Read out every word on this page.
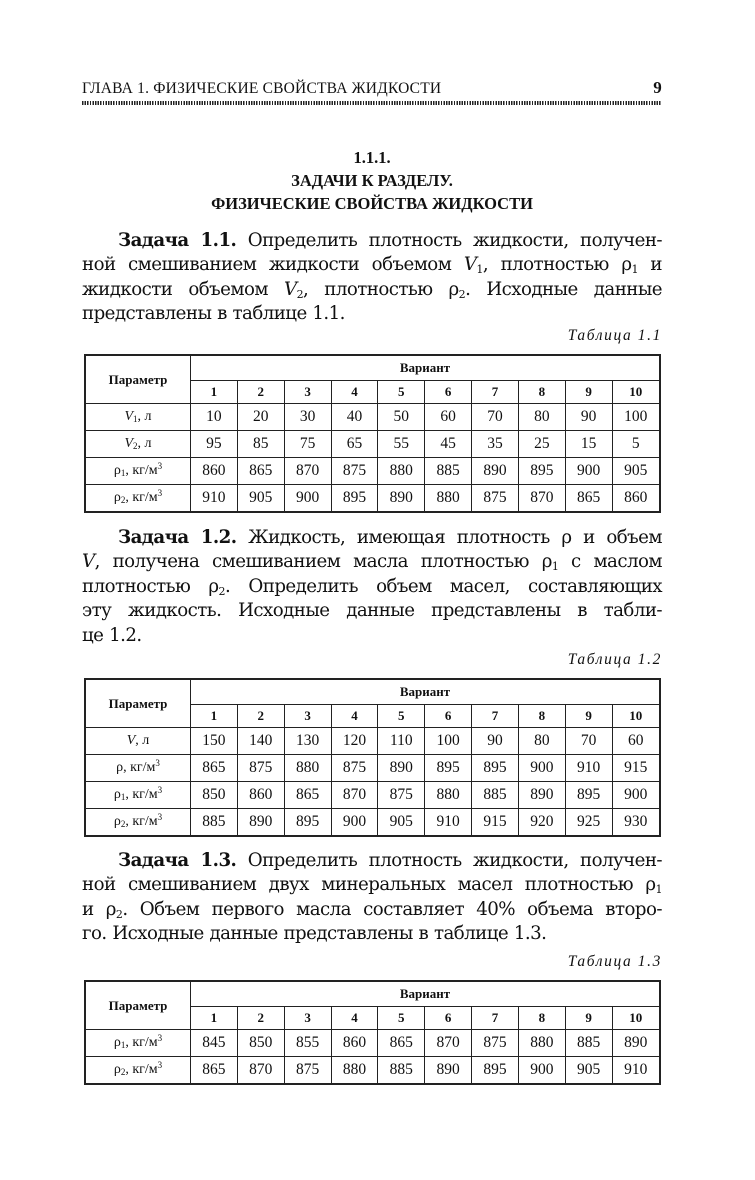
ГЛАВА 1. ФИЗИЧЕСКИЕ СВОЙСТВА ЖИДКОСТИ	9
1.1.1.
ЗАДАЧИ К РАЗДЕЛУ.
ФИЗИЧЕСКИЕ СВОЙСТВА ЖИДКОСТИ

Задача 1.1. Определить плотность жидкости, получен-
ной смешиванием жидкости объемом $V_1$, плотностью $\rho_1$ и
жидкости объемом $V_2$, плотностью $\rho_2$. Исходные данные
представлены в таблице 1.1.

Таблица 1.1
Параметр	Вариант									
	1	2	3	4	5	6	7	8	9	10
$V_1$, л	10	20	30	40	50	60	70	80	90	100
$V_2$, л	95	85	75	65	55	45	35	25	15	5
$\rho_1$, $кг/м^3$	860	865	870	875	880	885	890	895	900	905
$\rho_2$, $кг/м^3$	910	905	900	895	890	880	875	870	865	860

Задача 1.2. Жидкость, имеющая плотность ρ и объем
V, получена смешиванием масла плотностью $\rho_1$ с маслом
плотностью $\rho_2$. Определить объем масел, составляющих
эту жидкость. Исходные данные представлены в табли-
це 1.2.

Таблица 1.2
Параметр	Вариант									
	1	2	3	4	5	6	7	8	9	10
V, л	150	140	130	120	110	100	90	80	70	60
ρ, $кг/м^3$	865	875	880	875	890	895	895	900	910	915
$\rho_1$, $кг/м^3$	850	860	865	870	875	880	885	890	895	900
$\rho_2$, $кг/м^3$	885	890	895	900	905	910	915	920	925	930

Задача 1.3. Определить плотность жидкости, получен-
ной смешиванием двух минеральных масел плотностью $\rho_1$
и $\rho_2$. Объем первого масла составляет 40% объема второ-
го. Исходные данные представлены в таблице 1.3.

Таблица 1.3
Параметр	Вариант									
	1	2	3	4	5	6	7	8	9	10
$\rho_1$, $кг/м^3$	845	850	855	860	865	870	875	880	885	890
$\rho_2$, $кг/м^3$	865	870	875	880	885	890	895	900	905	910
